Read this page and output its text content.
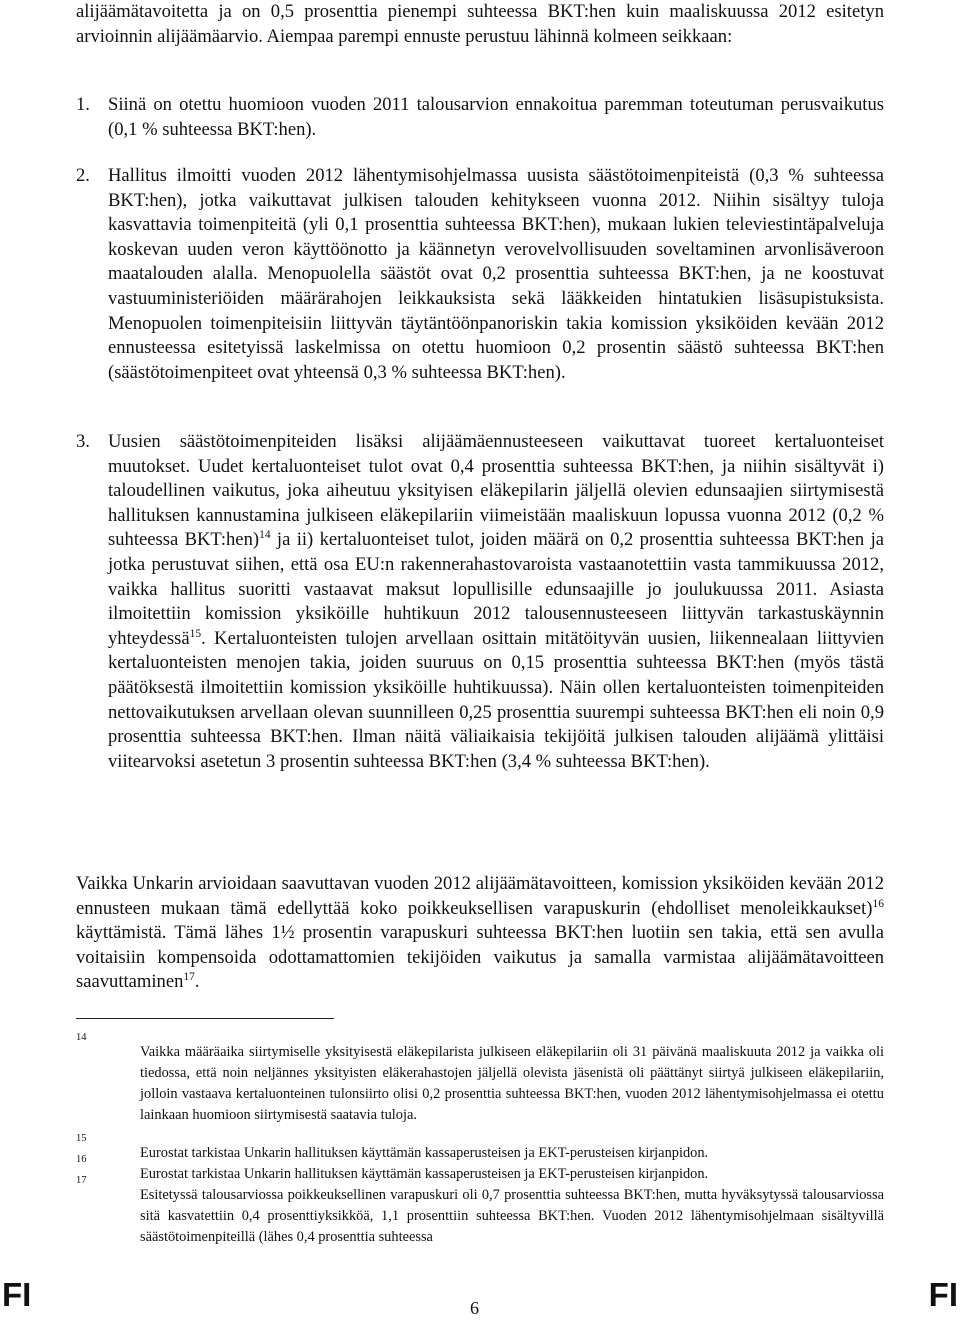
alijäämätavoitetta ja on 0,5 prosenttia pienempi suhteessa BKT:hen kuin maaliskuussa 2012 esitetyn arvioinnin alijäämäarvio. Aiempaa parempi ennuste perustuu lähinnä kolmeen seikkaan:

1. Siinä on otettu huomioon vuoden 2011 talousarvion ennakoitua paremman toteutuman perusvaikutus (0,1 % suhteessa BKT:hen).
2. Hallitus ilmoitti vuoden 2012 lähentymisohjelmassa uusista säästötoimenpiteistä (0,3 % suhteessa BKT:hen), jotka vaikuttavat julkisen talouden kehitykseen vuonna 2012. Niihin sisältyy tuloja kasvattavia toimenpiteitä (yli 0,1 prosenttia suhteessa BKT:hen), mukaan lukien televiestintäpalveluja koskevan uuden veron käyttöönotto ja käännetyn verovelvollisuuden soveltaminen arvonlisäveroon maatalouden alalla. Menopuolella säästöt ovat 0,2 prosenttia suhteessa BKT:hen, ja ne koostuvat vastuuministeriöiden määrärahojen leikkauksista sekä lääkkeiden hintatukien lisäsupistuksista. Menopuolen toimenpiteisiin liittyvän täytäntöönpanoriskin takia komission yksiköiden kevään 2012 ennusteessa esitetyissä laskelmissa on otettu huomioon 0,2 prosentin säästö suhteessa BKT:hen (säästötoimenpiteet ovat yhteensä 0,3 % suhteessa BKT:hen).
3. Uusien säästötoimenpiteiden lisäksi alijäämäennusteeseen vaikuttavat tuoreet kertaluonteiset muutokset. Uudet kertaluonteiset tulot ovat 0,4 prosenttia suhteessa BKT:hen, ja niihin sisältyvät i) taloudellinen vaikutus, joka aiheutuu yksityisen eläkepilarin jäljellä olevien edunsaajien siirtymisestä hallituksen kannustamina julkiseen eläkepilariin viimeistään maaliskuun lopussa vuonna 2012 (0,2 % suhteessa BKT:hen)$^{14}$ ja ii) kertaluonteiset tulot, joiden määrä on 0,2 prosenttia suhteessa BKT:hen ja jotka perustuvat siihen, että osa EU:n rakennerahastovaroista vastaanotettiin vasta tammikuussa 2012, vaikka hallitus suoritti vastaavat maksut lopullisille edunsaajille jo joulukuussa 2011. Asiasta ilmoitettiin komission yksiköille huhtikuun 2012 talousennusteeseen liittyvän tarkastuskäynnin yhteydessä$^{15}$. Kertaluonteisten tulojen arvellaan osittain mitätöityvän uusien, liikennealaan liittyvien kertaluonteisten menojen takia, joiden suuruus on 0,15 prosenttia suhteessa BKT:hen (myös tästä päätöksestä ilmoitettiin komission yksiköille huhtikuussa). Näin ollen kertaluonteisten toimenpiteiden nettovaikutuksen arvellaan olevan suunnilleen 0,25 prosenttia suurempi suhteessa BKT:hen eli noin 0,9 prosenttia suhteessa BKT:hen. Ilman näitä väliaikaisia tekijöitä julkisen talouden alijäämä ylittäisi viitearvoksi asetetun 3 prosentin suhteessa BKT:hen (3,4 % suhteessa BKT:hen).

Vaikka Unkarin arvioidaan saavuttavan vuoden 2012 alijäämätavoitteen, komission yksiköiden kevään 2012 ennusteen mukaan tämä edellyttää koko poikkeuksellisen varapuskurin (ehdolliset menoleikkaukset)$^{16}$ käyttämistä. Tämä lähes 1½ prosentin varapuskuri suhteessa BKT:hen luotiin sen takia, että sen avulla voitaisiin kompensoida odottamattomien tekijöiden vaikutus ja samalla varmistaa alijäämätavoitteen saavuttaminen$^{17}$.

14
Vaikka määräaika siirtymiselle yksityisestä eläkepilarista julkiseen eläkepilariin oli 31 päivänä maaliskuuta 2012 ja vaikka oli tiedossa, että noin neljännes yksityisten eläkerahastojen jäljellä olevista jäsenistä oli päättänyt siirtyä julkiseen eläkepilariin, jolloin vastaava kertaluonteinen tulonsiirto olisi 0,2 prosenttia suhteessa BKT:hen, vuoden 2012 lähentymisohjelmassa ei otettu lainkaan huomioon siirtymisestä saatavia tuloja.
15
Eurostat tarkistaa Unkarin hallituksen käyttämän kassaperusteisen ja EKT-perusteisen kirjanpidon.
16
Eurostat tarkistaa Unkarin hallituksen käyttämän kassaperusteisen ja EKT-perusteisen kirjanpidon.
17
Esitetyssä talousarviossa poikkeuksellinen varapuskuri oli 0,7 prosenttia suhteessa BKT:hen, mutta hyväksytyssä talousarviossa sitä kasvatettiin 0,4 prosenttiyksikköä, 1,1 prosenttiin suhteessa BKT:hen. Vuoden 2012 lähentymisohjelmaan sisältyvillä säästötoimenpiteillä (lähes 0,4 prosenttia suhteessa
FI	6	FI
